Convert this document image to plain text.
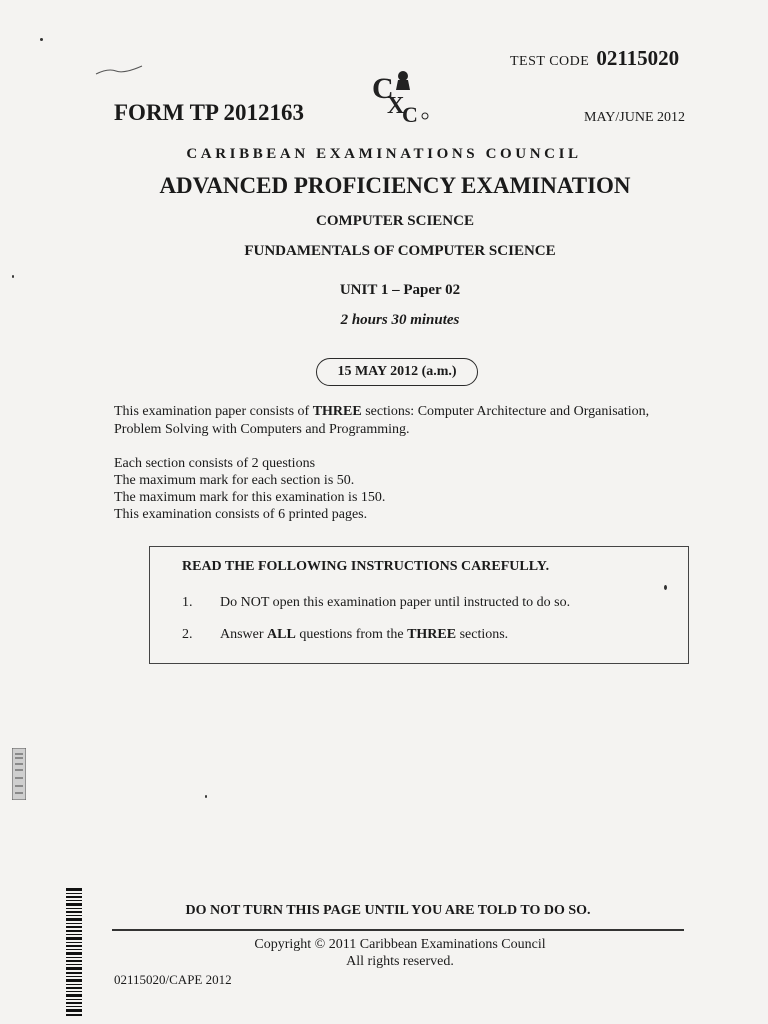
TEST CODE 02115020
C
X
C
FORM TP 2012163	MAY/JUNE 2012
CARIBBEAN EXAMINATIONS COUNCIL
ADVANCED PROFICIENCY EXAMINATION
COMPUTER SCIENCE
FUNDAMENTALS OF COMPUTER SCIENCE
UNIT 1 – Paper 02
2 hours 30 minutes
15 MAY 2012 (a.m.)
This examination paper consists of THREE sections: Computer Architecture and Organisation, Problem Solving with Computers and Programming.
Each section consists of 2 questions
The maximum mark for each section is 50.
The maximum mark for this examination is 150.
This examination consists of 6 printed pages.
READ THE FOLLOWING INSTRUCTIONS CAREFULLY.
1. Do NOT open this examination paper until instructed to do so.
2. Answer ALL questions from the THREE sections.
DO NOT TURN THIS PAGE UNTIL YOU ARE TOLD TO DO SO.
Copyright © 2011 Caribbean Examinations Council
All rights reserved.
02115020/CAPE 2012
